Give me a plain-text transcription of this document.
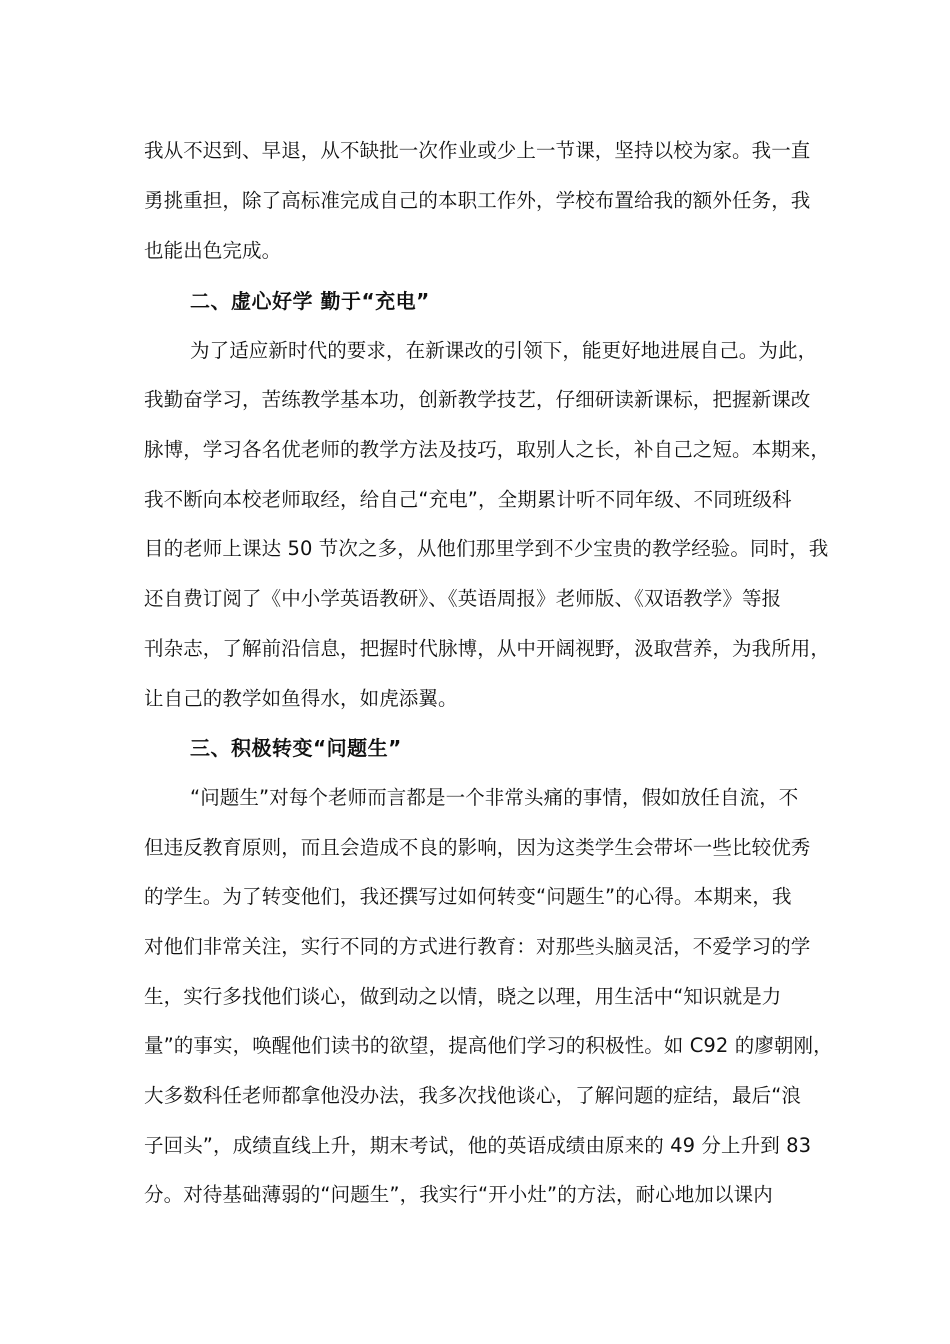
我从不迟到、早退，从不缺批一次作业或少上一节课，坚持以校为家。我一直
勇挑重担，除了高标准完成自己的本职工作外，学校布置给我的额外任务，我
也能出色完成。
二、虚心好学 勤于“充电”
为了适应新时代的要求，在新课改的引领下，能更好地进展自己。为此，
我勤奋学习，苦练教学基本功，创新教学技艺，仔细研读新课标，把握新课改
脉博，学习各名优老师的教学方法及技巧，取别人之长，补自己之短。本期来，
我不断向本校老师取经，给自己“充电”，全期累计听不同年级、不同班级科
目的老师上课达 50 节次之多，从他们那里学到不少宝贵的教学经验。同时，我
还自费订阅了《中小学英语教研》、《英语周报》老师版、《双语教学》等报
刊杂志，了解前沿信息，把握时代脉博，从中开阔视野，汲取营养，为我所用，
让自己的教学如鱼得水，如虎添翼。
三、积极转变“问题生”
“问题生”对每个老师而言都是一个非常头痛的事情，假如放任自流，不
但违反教育原则，而且会造成不良的影响，因为这类学生会带坏一些比较优秀
的学生。为了转变他们，我还撰写过如何转变“问题生”的心得。本期来，我
对他们非常关注，实行不同的方式进行教育：对那些头脑灵活，不爱学习的学
生，实行多找他们谈心，做到动之以情，晓之以理，用生活中“知识就是力
量”的事实，唤醒他们读书的欲望，提高他们学习的积极性。如 C92 的廖朝刚，
大多数科任老师都拿他没办法，我多次找他谈心，了解问题的症结，最后“浪
子回头”，成绩直线上升，期末考试，他的英语成绩由原来的 49 分上升到 83
分。对待基础薄弱的“问题生”，我实行“开小灶”的方法，耐心地加以课内
